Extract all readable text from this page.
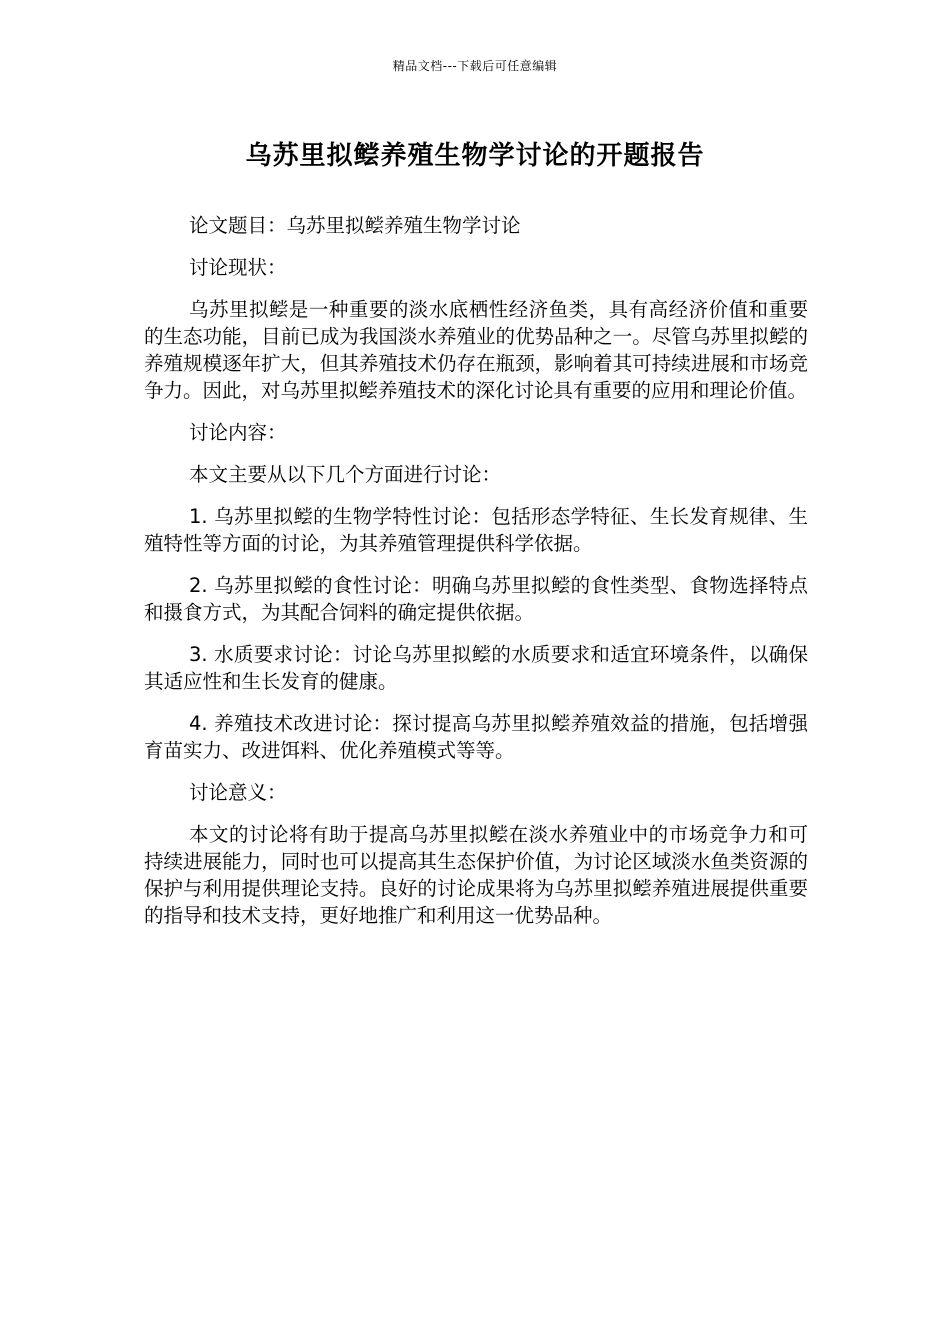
精品文档---下载后可任意编辑
乌苏里拟鲿养殖生物学讨论的开题报告

论文题目：乌苏里拟鲿养殖生物学讨论

讨论现状：

乌苏里拟鲿是一种重要的淡水底栖性经济鱼类，具有高经济价值和重要的生态功能，目前已成为我国淡水养殖业的优势品种之一。尽管乌苏里拟鲿的养殖规模逐年扩大，但其养殖技术仍存在瓶颈，影响着其可持续进展和市场竞争力。因此，对乌苏里拟鲿养殖技术的深化讨论具有重要的应用和理论价值。

讨论内容：

本文主要从以下几个方面进行讨论：

1. 乌苏里拟鲿的生物学特性讨论：包括形态学特征、生长发育规律、生殖特性等方面的讨论，为其养殖管理提供科学依据。

2. 乌苏里拟鲿的食性讨论：明确乌苏里拟鲿的食性类型、食物选择特点和摄食方式，为其配合饲料的确定提供依据。

3. 水质要求讨论：讨论乌苏里拟鲿的水质要求和适宜环境条件，以确保其适应性和生长发育的健康。

4. 养殖技术改进讨论：探讨提高乌苏里拟鲿养殖效益的措施，包括增强育苗实力、改进饵料、优化养殖模式等等。

讨论意义：

本文的讨论将有助于提高乌苏里拟鲿在淡水养殖业中的市场竞争力和可持续进展能力，同时也可以提高其生态保护价值，为讨论区域淡水鱼类资源的保护与利用提供理论支持。良好的讨论成果将为乌苏里拟鲿养殖进展提供重要的指导和技术支持，更好地推广和利用这一优势品种。
